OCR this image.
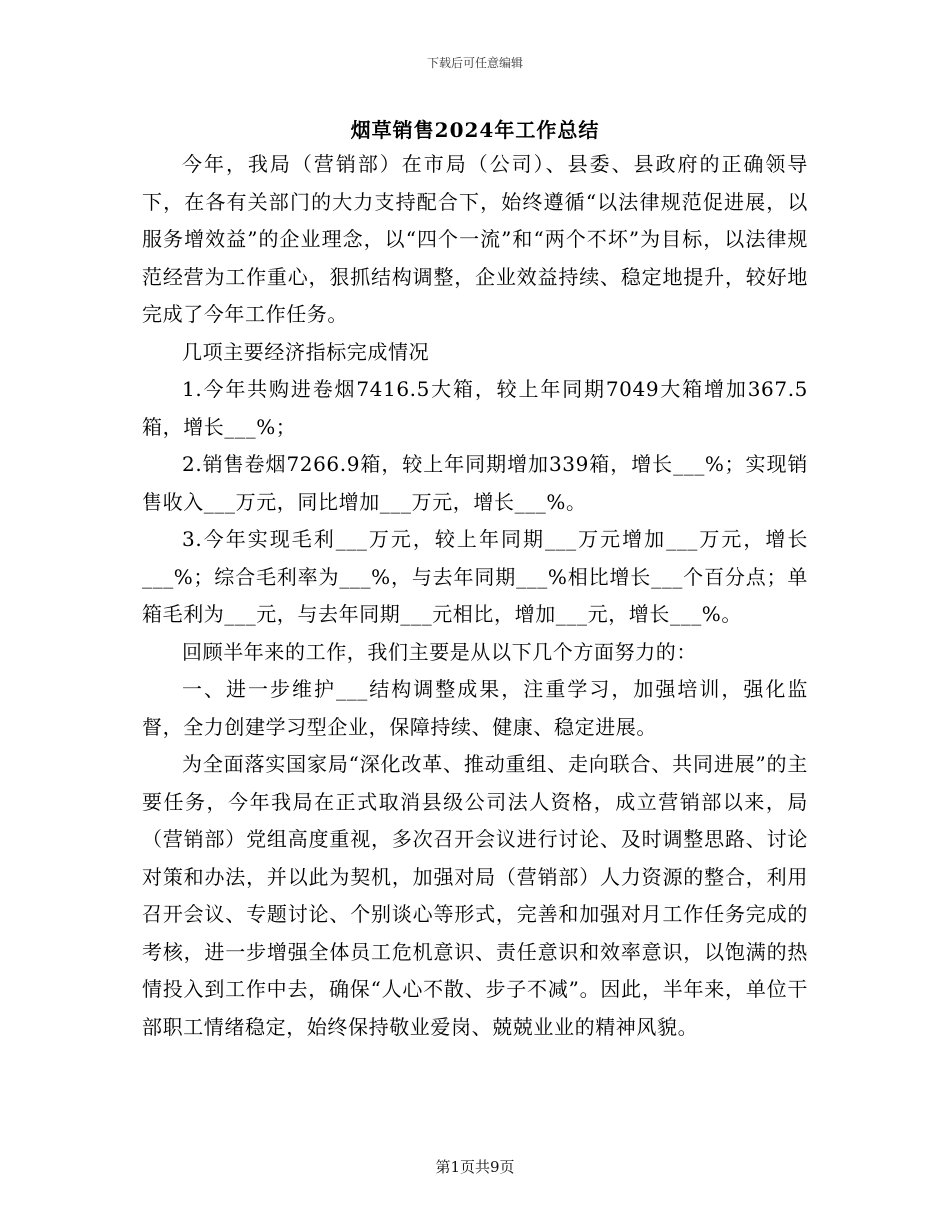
下载后可任意编辑
烟草销售2024年工作总结

今年，我局（营销部）在市局（公司）、县委、县政府的正确领导下，在各有关部门的大力支持配合下，始终遵循“以法律规范促进展，以服务增效益”的企业理念，以“四个一流”和“两个不坏”为目标，以法律规范经营为工作重心，狠抓结构调整，企业效益持续、稳定地提升，较好地完成了今年工作任务。

几项主要经济指标完成情况

1.今年共购进卷烟7416.5大箱，较上年同期7049大箱增加367.5箱，增长___%；

2.销售卷烟7266.9箱，较上年同期增加339箱，增长___%；实现销售收入___万元，同比增加___万元，增长___%。

3.今年实现毛利___万元，较上年同期___万元增加___万元，增长___%；综合毛利率为___%，与去年同期___%相比增长___个百分点；单箱毛利为___元，与去年同期___元相比，增加___元，增长___%。

回顾半年来的工作，我们主要是从以下几个方面努力的：

一、进一步维护___结构调整成果，注重学习，加强培训，强化监督，全力创建学习型企业，保障持续、健康、稳定进展。

为全面落实国家局“深化改革、推动重组、走向联合、共同进展”的主要任务，今年我局在正式取消县级公司法人资格，成立营销部以来，局（营销部）党组高度重视，多次召开会议进行讨论、及时调整思路、讨论对策和办法，并以此为契机，加强对局（营销部）人力资源的整合，利用召开会议、专题讨论、个别谈心等形式，完善和加强对月工作任务完成的考核，进一步增强全体员工危机意识、责任意识和效率意识，以饱满的热情投入到工作中去，确保“人心不散、步子不减”。因此，半年来，单位干部职工情绪稳定，始终保持敬业爱岗、兢兢业业的精神风貌。

第1页共9页
